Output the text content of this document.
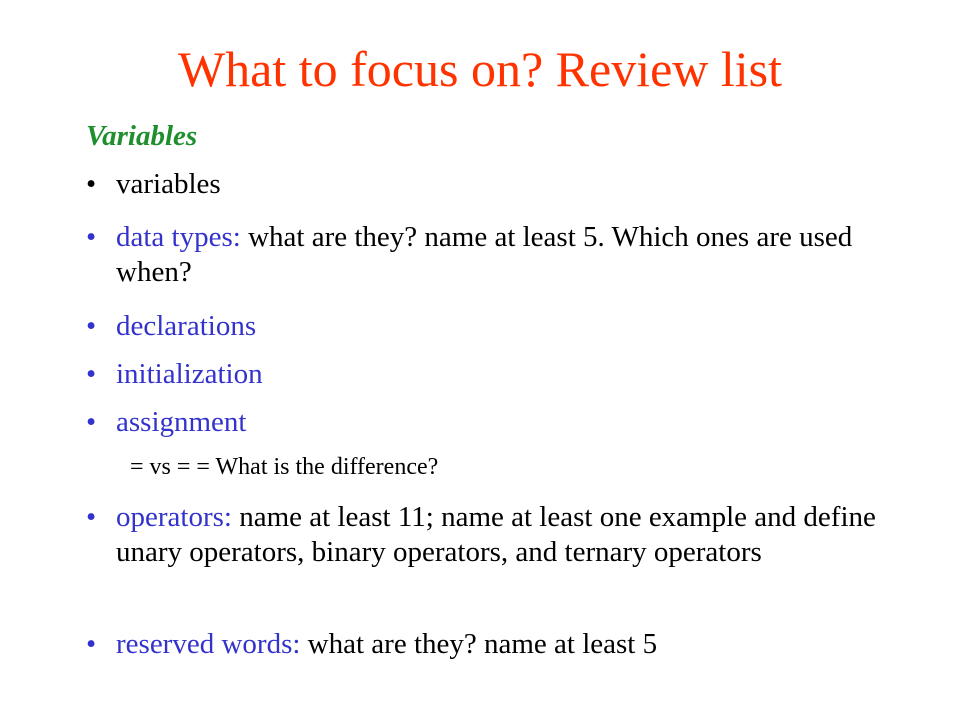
What to focus on? Review list
Variables
• variables
• data types: what are they? name at least 5. Which ones are used when?
• declarations
• initialization
• assignment
• operators: name at least 11; name at least one example and define unary operators, binary operators, and ternary operators
• reserved words: what are they? name at least 5
= vs = = What is the difference?
